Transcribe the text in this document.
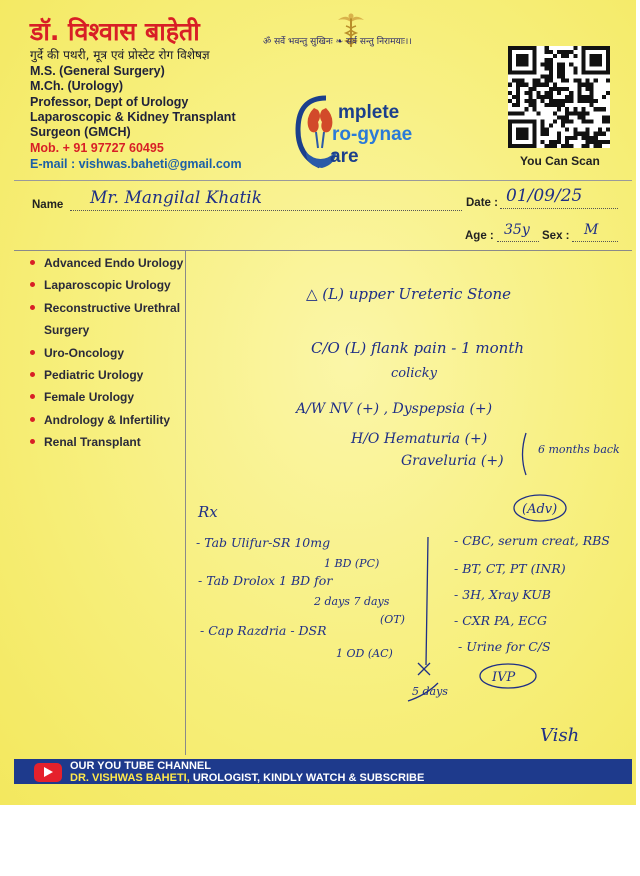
डॉ. विश्वास बाहेती
गुर्दे की पथरी, मूत्र एवं प्रोस्टेट रोग विशेषज्ञ
M.S. (General Surgery)
M.Ch. (Urology)
Professor, Dept of Urology
Laparoscopic & Kidney Transplant
Surgeon (GMCH)
Mob. + 91 97727 60495
E-mail : vishwas.baheti@gmail.com
ॐ सर्वे भवन्तु सुखिनः ❧ सर्व सन्तु निरामयाः।।
mplete
ro-gynae
are	You Can Scan
Name Mr. Mangilal Khatik	Date : 01/09/25
Age : 35y Sex : M
Advanced Endo Urology
Laparoscopic Urology
Reconstructive Urethral
Surgery
Uro-Oncology
Pediatric Urology
Female Urology
Andrology & Infertility
Renal Transplant
△ (L) upper Ureteric Stone
C/O (L) flank pain - 1 month
colicky
A/W NV (+) , Dyspepsia (+)
H/O Hematuria (+)
Graveluria (+)
6 months back
Rx
- Tab Ulifur-SR 10mg
1 BD (PC)
- Tab Drolox 1 BD for
2 days 7 days
(OT)
- Cap Razdria - DSR
1 OD (AC)
5 days
(Adv)
- CBC, serum creat, RBS
- BT, CT, PT (INR)
- 3H, Xray KUB
- CXR PA, ECG
- Urine for C/S
IVP
Vish
OUR YOU TUBE CHANNEL
DR. VISHWAS BAHETI, UROLOGIST, KINDLY WATCH & SUBSCRIBE
